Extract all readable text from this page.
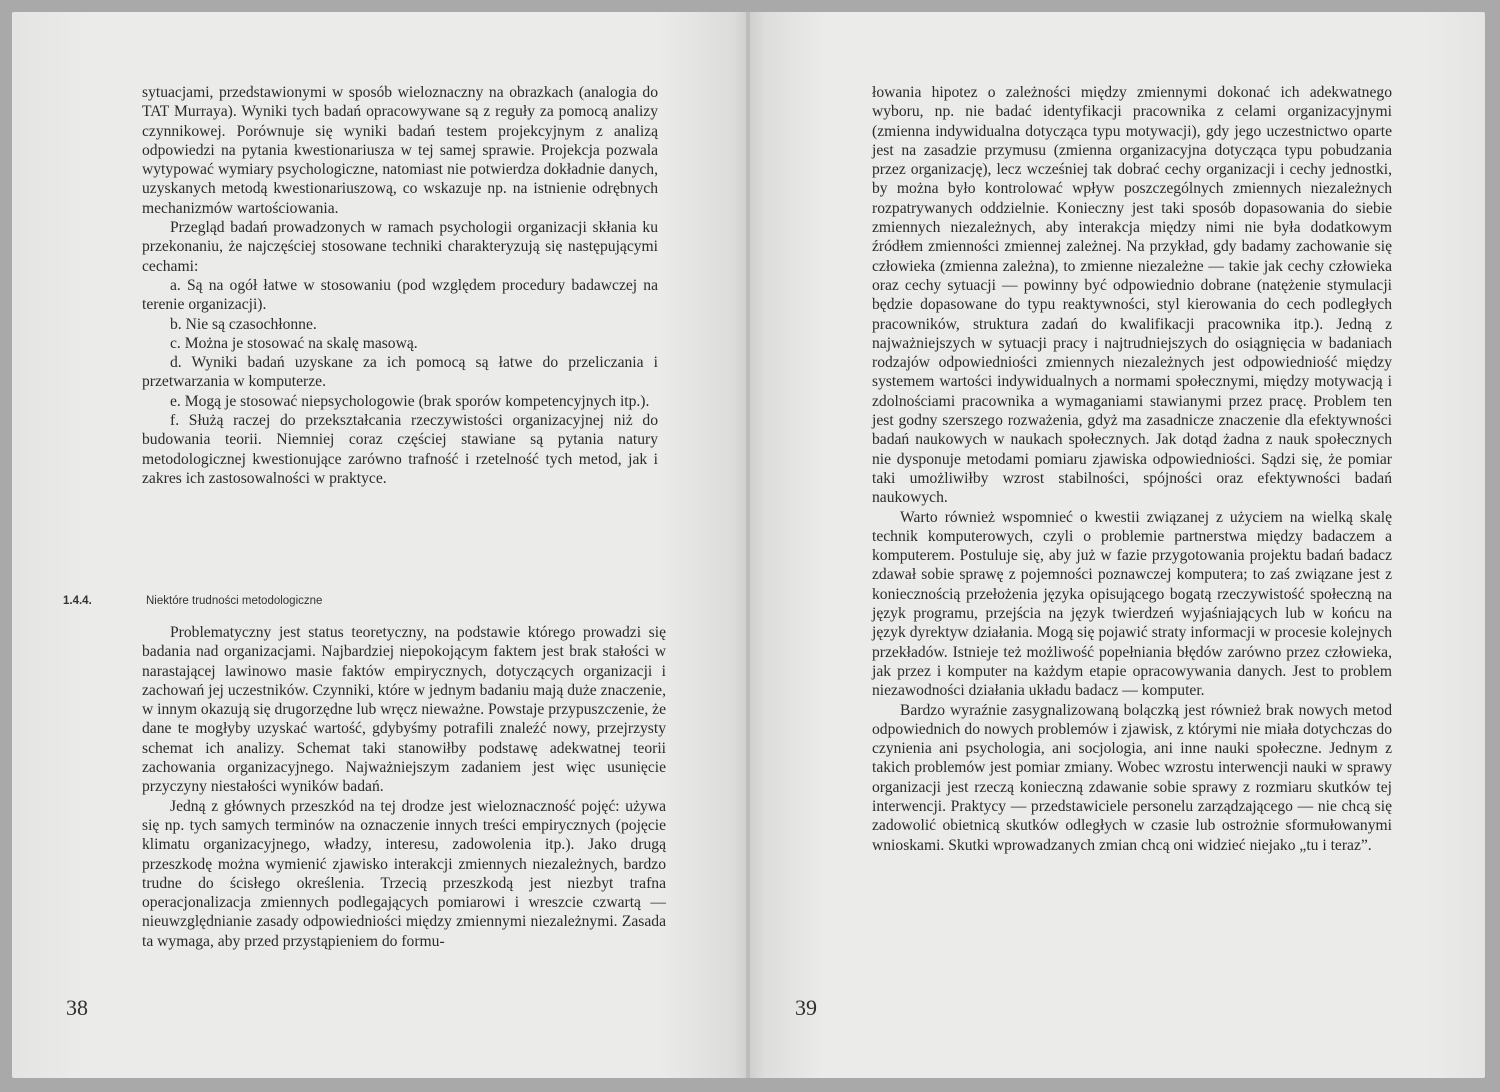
sytuacjami, przedstawionymi w sposób wieloznaczny na obrazkach (analogia do TAT Murraya). Wyniki tych badań opracowywane są z reguły za pomocą analizy czynnikowej. Porównuje się wyniki badań testem projekcyjnym z analizą odpowiedzi na pytania kwestionariusza w tej samej sprawie. Projekcja pozwala wytypować wymiary psychologiczne, natomiast nie potwierdza dokładnie danych, uzyskanych metodą kwestionariuszową, co wskazuje np. na istnienie odrębnych mechanizmów wartościowania.

Przegląd badań prowadzonych w ramach psychologii organizacji skłania ku przekonaniu, że najczęściej stosowane techniki charakteryzują się następującymi cechami:

a. Są na ogół łatwe w stosowaniu (pod względem procedury badawczej na terenie organizacji).

b. Nie są czasochłonne.

c. Można je stosować na skalę masową.

d. Wyniki badań uzyskane za ich pomocą są łatwe do przeliczania i przetwarzania w komputerze.

e. Mogą je stosować niepsychologowie (brak sporów kompetencyjnych itp.).

f. Służą raczej do przekształcania rzeczywistości organizacyjnej niż do budowania teorii. Niemniej coraz częściej stawiane są pytania natury metodologicznej kwestionujące zarówno trafność i rzetelność tych metod, jak i zakres ich zastosowalności w praktyce.

1.4.4.	Niektóre trudności metodologiczne

Problematyczny jest status teoretyczny, na podstawie którego prowadzi się badania nad organizacjami. Najbardziej niepokojącym faktem jest brak stałości w narastającej lawinowo masie faktów empirycznych, dotyczących organizacji i zachowań jej uczestników. Czynniki, które w jednym badaniu mają duże znaczenie, w innym okazują się drugorzędne lub wręcz nieważne. Powstaje przypuszczenie, że dane te mogłyby uzyskać wartość, gdybyśmy potrafili znaleźć nowy, przejrzysty schemat ich analizy. Schemat taki stanowiłby podstawę adekwatnej teorii zachowania organizacyjnego. Najważniejszym zadaniem jest więc usunięcie przyczyny niestałości wyników badań.

Jedną z głównych przeszkód na tej drodze jest wieloznaczność pojęć: używa się np. tych samych terminów na oznaczenie innych treści empirycznych (pojęcie klimatu organizacyjnego, władzy, interesu, zadowolenia itp.). Jako drugą przeszkodę można wymienić zjawisko interakcji zmiennych niezależnych, bardzo trudne do ścisłego określenia. Trzecią przeszkodą jest niezbyt trafna operacjonalizacja zmiennych podlegających pomiarowi i wreszcie czwartą — nieuwzględnianie zasady odpowiedniości między zmiennymi niezależnymi. Zasada ta wymaga, aby przed przystąpieniem do formu-

38

łowania hipotez o zależności między zmiennymi dokonać ich adekwatnego wyboru, np. nie badać identyfikacji pracownika z celami organizacyjnymi (zmienna indywidualna dotycząca typu motywacji), gdy jego uczestnictwo oparte jest na zasadzie przymusu (zmienna organizacyjna dotycząca typu pobudzania przez organizację), lecz wcześniej tak dobrać cechy organizacji i cechy jednostki, by można było kontrolować wpływ poszczególnych zmiennych niezależnych rozpatrywanych oddzielnie. Konieczny jest taki sposób dopasowania do siebie zmiennych niezależnych, aby interakcja między nimi nie była dodatkowym źródłem zmienności zmiennej zależnej. Na przykład, gdy badamy zachowanie się człowieka (zmienna zależna), to zmienne niezależne — takie jak cechy człowieka oraz cechy sytuacji — powinny być odpowiednio dobrane (natężenie stymulacji będzie dopasowane do typu reaktywności, styl kierowania do cech podległych pracowników, struktura zadań do kwalifikacji pracownika itp.). Jedną z najważniejszych w sytuacji pracy i najtrudniejszych do osiągnięcia w badaniach rodzajów odpowiedniości zmiennych niezależnych jest odpowiedniość między systemem wartości indywidualnych a normami społecznymi, między motywacją i zdolnościami pracownika a wymaganiami stawianymi przez pracę. Problem ten jest godny szerszego rozważenia, gdyż ma zasadnicze znaczenie dla efektywności badań naukowych w naukach społecznych. Jak dotąd żadna z nauk społecznych nie dysponuje metodami pomiaru zjawiska odpowiedniości. Sądzi się, że pomiar taki umożliwiłby wzrost stabilności, spójności oraz efektywności badań naukowych.

Warto również wspomnieć o kwestii związanej z użyciem na wielką skalę technik komputerowych, czyli o problemie partnerstwa między badaczem a komputerem. Postuluje się, aby już w fazie przygotowania projektu badań badacz zdawał sobie sprawę z pojemności poznawczej komputera; to zaś związane jest z koniecznością przełożenia języka opisującego bogatą rzeczywistość społeczną na język programu, przejścia na język twierdzeń wyjaśniających lub w końcu na język dyrektyw działania. Mogą się pojawić straty informacji w procesie kolejnych przekładów. Istnieje też możliwość popełniania błędów zarówno przez człowieka, jak przez i komputer na każdym etapie opracowywania danych. Jest to problem niezawodności działania układu badacz — komputer.

Bardzo wyraźnie zasygnalizowaną bolączką jest również brak nowych metod odpowiednich do nowych problemów i zjawisk, z którymi nie miała dotychczas do czynienia ani psychologia, ani socjologia, ani inne nauki społeczne. Jednym z takich problemów jest pomiar zmiany. Wobec wzrostu interwencji nauki w sprawy organizacji jest rzeczą konieczną zdawanie sobie sprawy z rozmiaru skutków tej interwencji. Praktycy — przedstawiciele personelu zarządzającego — nie chcą się zadowolić obietnicą skutków odległych w czasie lub ostrożnie sformułowanymi wnioskami. Skutki wprowadzanych zmian chcą oni widzieć niejako „tu i teraz”.

39
